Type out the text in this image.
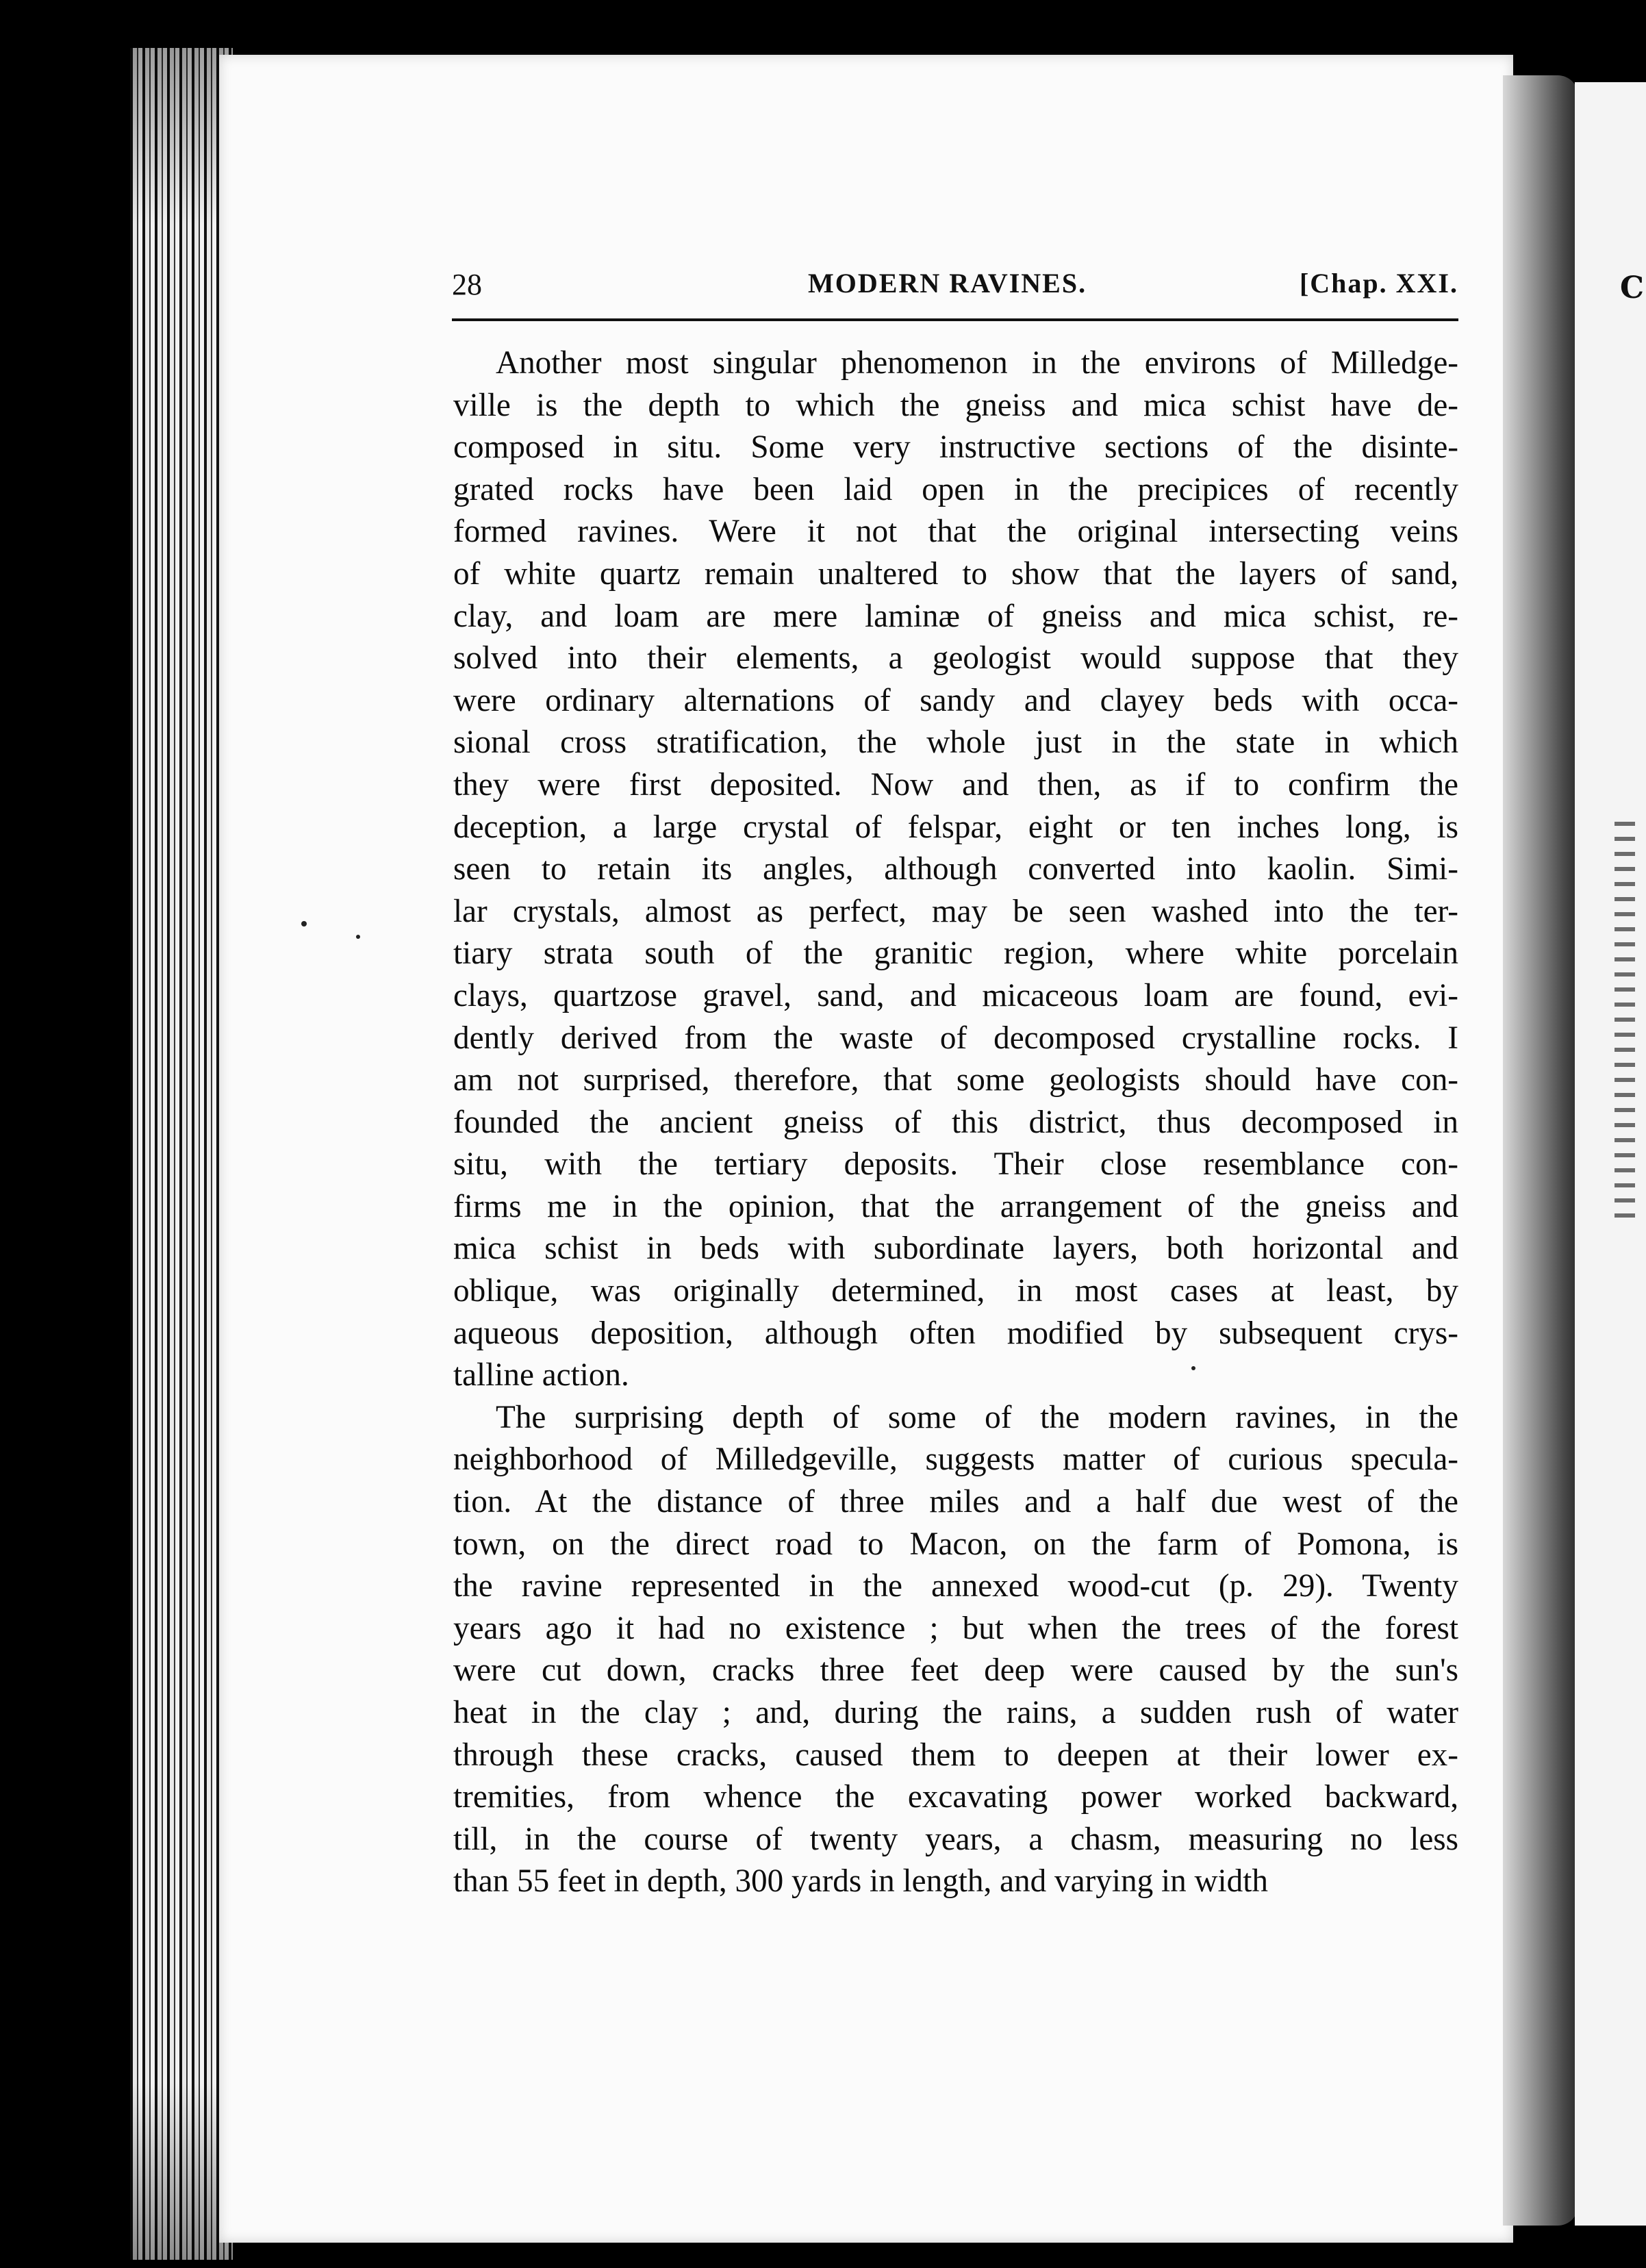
C
28	MODERN RAVINES.	[Chap. XXI.
Another most singular phenomenon in the environs of Milledge-
ville is the depth to which the gneiss and mica schist have de-
composed in situ. Some very instructive sections of the disinte-
grated rocks have been laid open in the precipices of recently
formed ravines. Were it not that the original intersecting veins
of white quartz remain unaltered to show that the layers of sand,
clay, and loam are mere laminæ of gneiss and mica schist, re-
solved into their elements, a geologist would suppose that they
were ordinary alternations of sandy and clayey beds with occa-
sional cross stratification, the whole just in the state in which
they were first deposited. Now and then, as if to confirm the
deception, a large crystal of felspar, eight or ten inches long, is
seen to retain its angles, although converted into kaolin. Simi-
lar crystals, almost as perfect, may be seen washed into the ter-
tiary strata south of the granitic region, where white porcelain
clays, quartzose gravel, sand, and micaceous loam are found, evi-
dently derived from the waste of decomposed crystalline rocks. I
am not surprised, therefore, that some geologists should have con-
founded the ancient gneiss of this district, thus decomposed in
situ, with the tertiary deposits. Their close resemblance con-
firms me in the opinion, that the arrangement of the gneiss and
mica schist in beds with subordinate layers, both horizontal and
oblique, was originally determined, in most cases at least, by
aqueous deposition, although often modified by subsequent crys-
talline action.
The surprising depth of some of the modern ravines, in the
neighborhood of Milledgeville, suggests matter of curious specula-
tion. At the distance of three miles and a half due west of the
town, on the direct road to Macon, on the farm of Pomona, is
the ravine represented in the annexed wood-cut (p. 29). Twenty
years ago it had no existence ; but when the trees of the forest
were cut down, cracks three feet deep were caused by the sun's
heat in the clay ; and, during the rains, a sudden rush of water
through these cracks, caused them to deepen at their lower ex-
tremities, from whence the excavating power worked backward,
till, in the course of twenty years, a chasm, measuring no less
than 55 feet in depth, 300 yards in length, and varying in width
